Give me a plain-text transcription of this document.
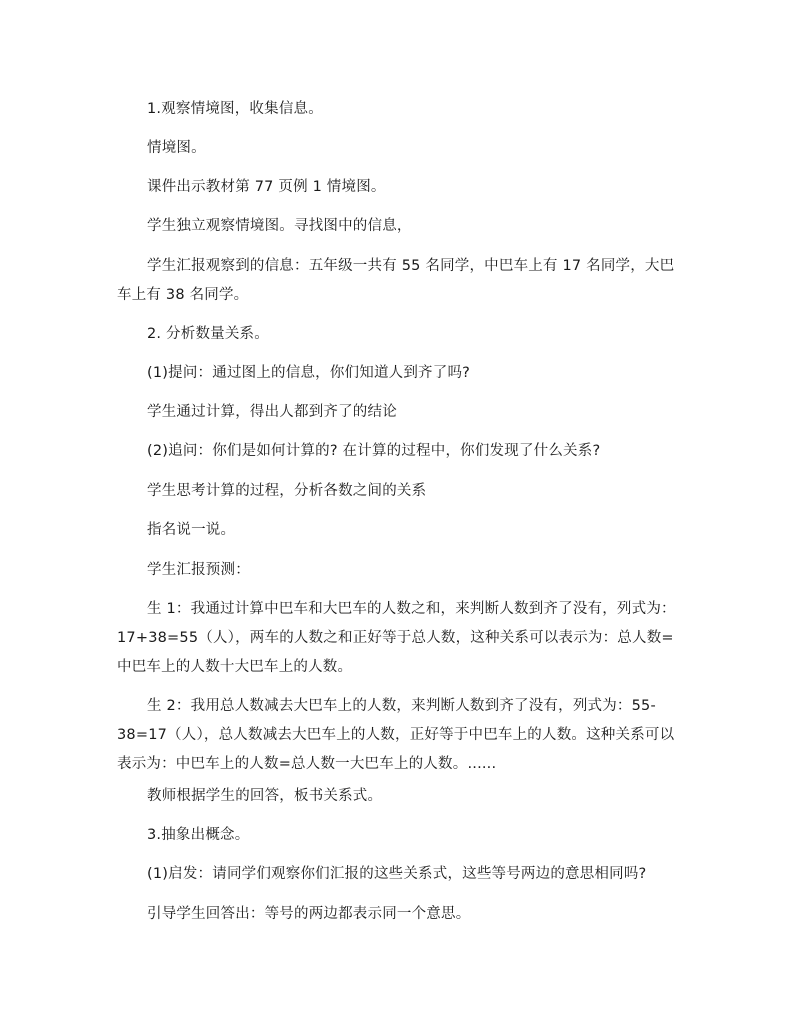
1.观察情境图，收集信息。

情境图。

课件出示教材第 77 页例 1 情境图。

学生独立观察情境图。寻找图中的信息，

学生汇报观察到的信息：五年级一共有 55 名同学，中巴车上有 17 名同学，大巴车上有 38 名同学。

2. 分析数量关系。

(1)提问：通过图上的信息，你们知道人到齐了吗?

学生通过计算，得出人都到齐了的结论

(2)追问：你们是如何计算的? 在计算的过程中，你们发现了什么关系?

学生思考计算的过程，分析各数之间的关系

指名说一说。

学生汇报预测：

生 1：我通过计算中巴车和大巴车的人数之和，来判断人数到齐了没有，列式为：17+38=55（人），两车的人数之和正好等于总人数，这种关系可以表示为：总人数=中巴车上的人数十大巴车上的人数。

生 2：我用总人数减去大巴车上的人数，来判断人数到齐了没有，列式为：55-38=17（人），总人数减去大巴车上的人数，正好等于中巴车上的人数。这种关系可以表示为：中巴车上的人数=总人数一大巴车上的人数。......

教师根据学生的回答，板书关系式。

3.抽象出概念。

(1)启发：请同学们观察你们汇报的这些关系式，这些等号两边的意思相同吗?

引导学生回答出：等号的两边都表示同一个意思。
